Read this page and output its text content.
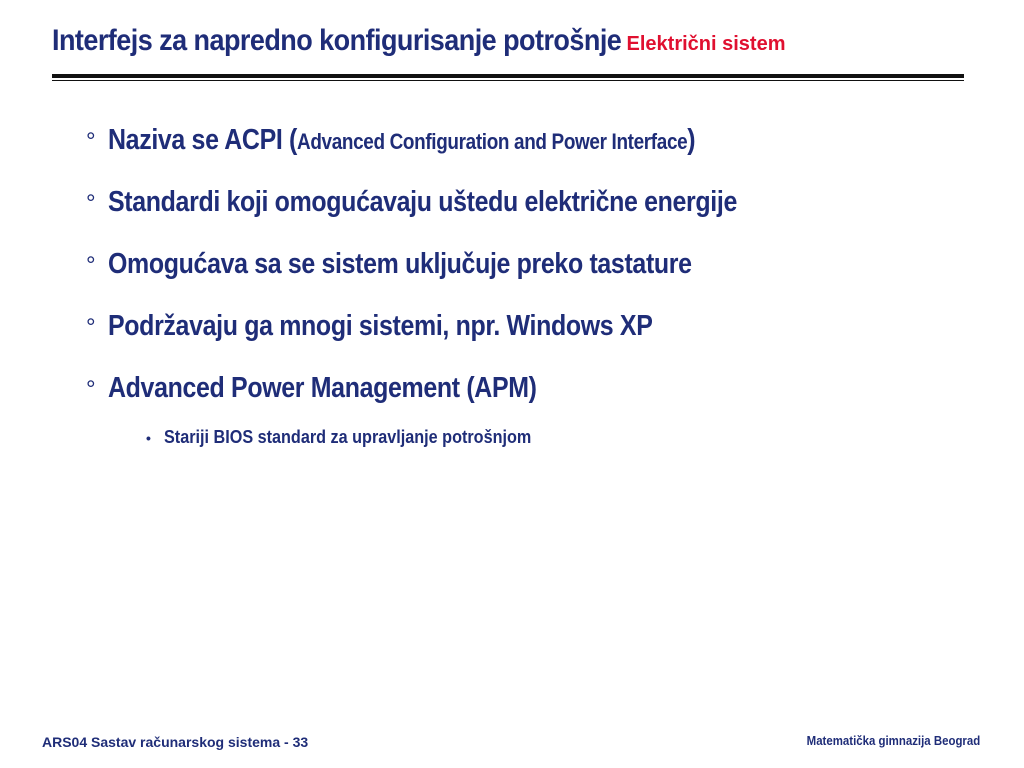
Interfejs za napredno konfigurisanje potrošnje Električni sistem
° Naziva se ACPI (Advanced Configuration and Power Interface)
° Standardi koji omogućavaju uštedu električne energije
° Omogućava sa se sistem uključuje preko tastature
° Podržavaju ga mnogi sistemi, npr. Windows XP
° Advanced Power Management (APM)
• Stariji BIOS standard za upravljanje potrošnjom
ARS04 Sastav računarskog sistema - 33	Matematička gimnazija Beograd
